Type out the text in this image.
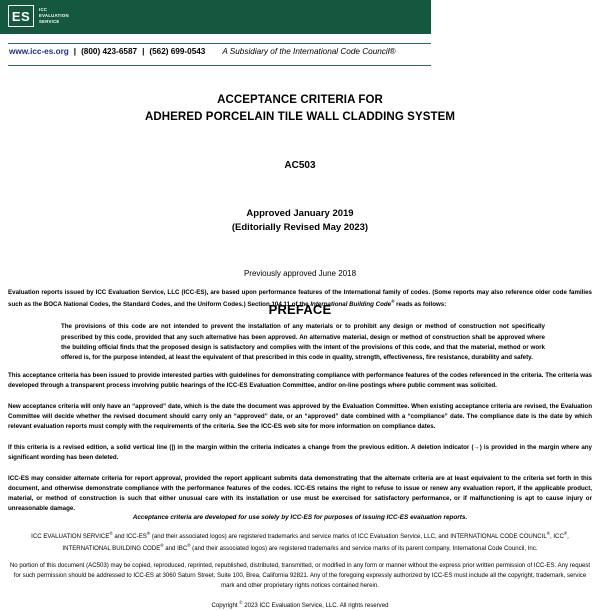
ES	ICC
EVALUATION
SERVICE
www.icc-es.org | (800) 423-6587 | (562) 699-0543 A Subsidiary of the International Code Council®
ACCEPTANCE CRITERIA FOR
ADHERED PORCELAIN TILE WALL CLADDING SYSTEM
AC503
Approved January 2019
(Editorially Revised May 2023)
Previously approved June 2018
PREFACE

Evaluation reports issued by ICC Evaluation Service, LLC (ICC-ES), are based upon performance features of the International family of codes. (Some reports may also reference older code families such as the BOCA National Codes, the Standard Codes, and the Uniform Codes.) Section 104.11 of the International Building Code® reads as follows:

The provisions of this code are not intended to prevent the installation of any materials or to prohibit any design or method of construction not specifically prescribed by this code, provided that any such alternative has been approved. An alternative material, design or method of construction shall be approved where the building official finds that the proposed design is satisfactory and complies with the intent of the provisions of this code, and that the material, method or work offered is, for the purpose intended, at least the equivalent of that prescribed in this code in quality, strength, effectiveness, fire resistance, durability and safety.

This acceptance criteria has been issued to provide interested parties with guidelines for demonstrating compliance with performance features of the codes referenced in the criteria. The criteria was developed through a transparent process involving public hearings of the ICC-ES Evaluation Committee, and/or on-line postings where public comment was solicited.

New acceptance criteria will only have an “approved” date, which is the date the document was approved by the Evaluation Committee. When existing acceptance criteria are revised, the Evaluation Committee will decide whether the revised document should carry only an “approved” date, or an “approved” date combined with a “compliance” date. The compliance date is the date by which relevant evaluation reports must comply with the requirements of the criteria. See the ICC-ES web site for more information on compliance dates.

If this criteria is a revised edition, a solid vertical line (|) in the margin within the criteria indicates a change from the previous edition. A deletion indicator (→) is provided in the margin where any significant wording has been deleted.

ICC-ES may consider alternate criteria for report approval, provided the report applicant submits data demonstrating that the alternate criteria are at least equivalent to the criteria set forth in this document, and otherwise demonstrate compliance with the performance features of the codes. ICC-ES retains the right to refuse to issue or renew any evaluation report, if the applicable product, material, or method of construction is such that either unusual care with its installation or use must be exercised for satisfactory performance, or if malfunctioning is apt to cause injury or unreasonable damage.

Acceptance criteria are developed for use solely by ICC-ES for purposes of issuing ICC-ES evaluation reports.

ICC EVALUATION SERVICE® and ICC-ES® (and their associated logos) are registered trademarks and service marks of ICC Evaluation Service, LLC, and INTERNATIONAL CODE COUNCIL®, ICC®, INTERNATIONAL BUILDING CODE® and IBC® (and their associated logos) are registered trademarks and service marks of its parent company, International Code Council, Inc.

No portion of this document (AC503) may be copied, reproduced, reprinted, republished, distributed, transmitted, or modified in any form or manner without the express prior written permission of ICC-ES. Any request for such permission should be addressed to ICC-ES at 3060 Saturn Street, Suite 100, Brea, California 92821. Any of the foregoing expressly authorized by ICC-ES must include all the copyright, trademark, service mark and other proprietary rights notices contained herein.

Copyright © 2023 ICC Evaluation Service, LLC. All rights reserved
